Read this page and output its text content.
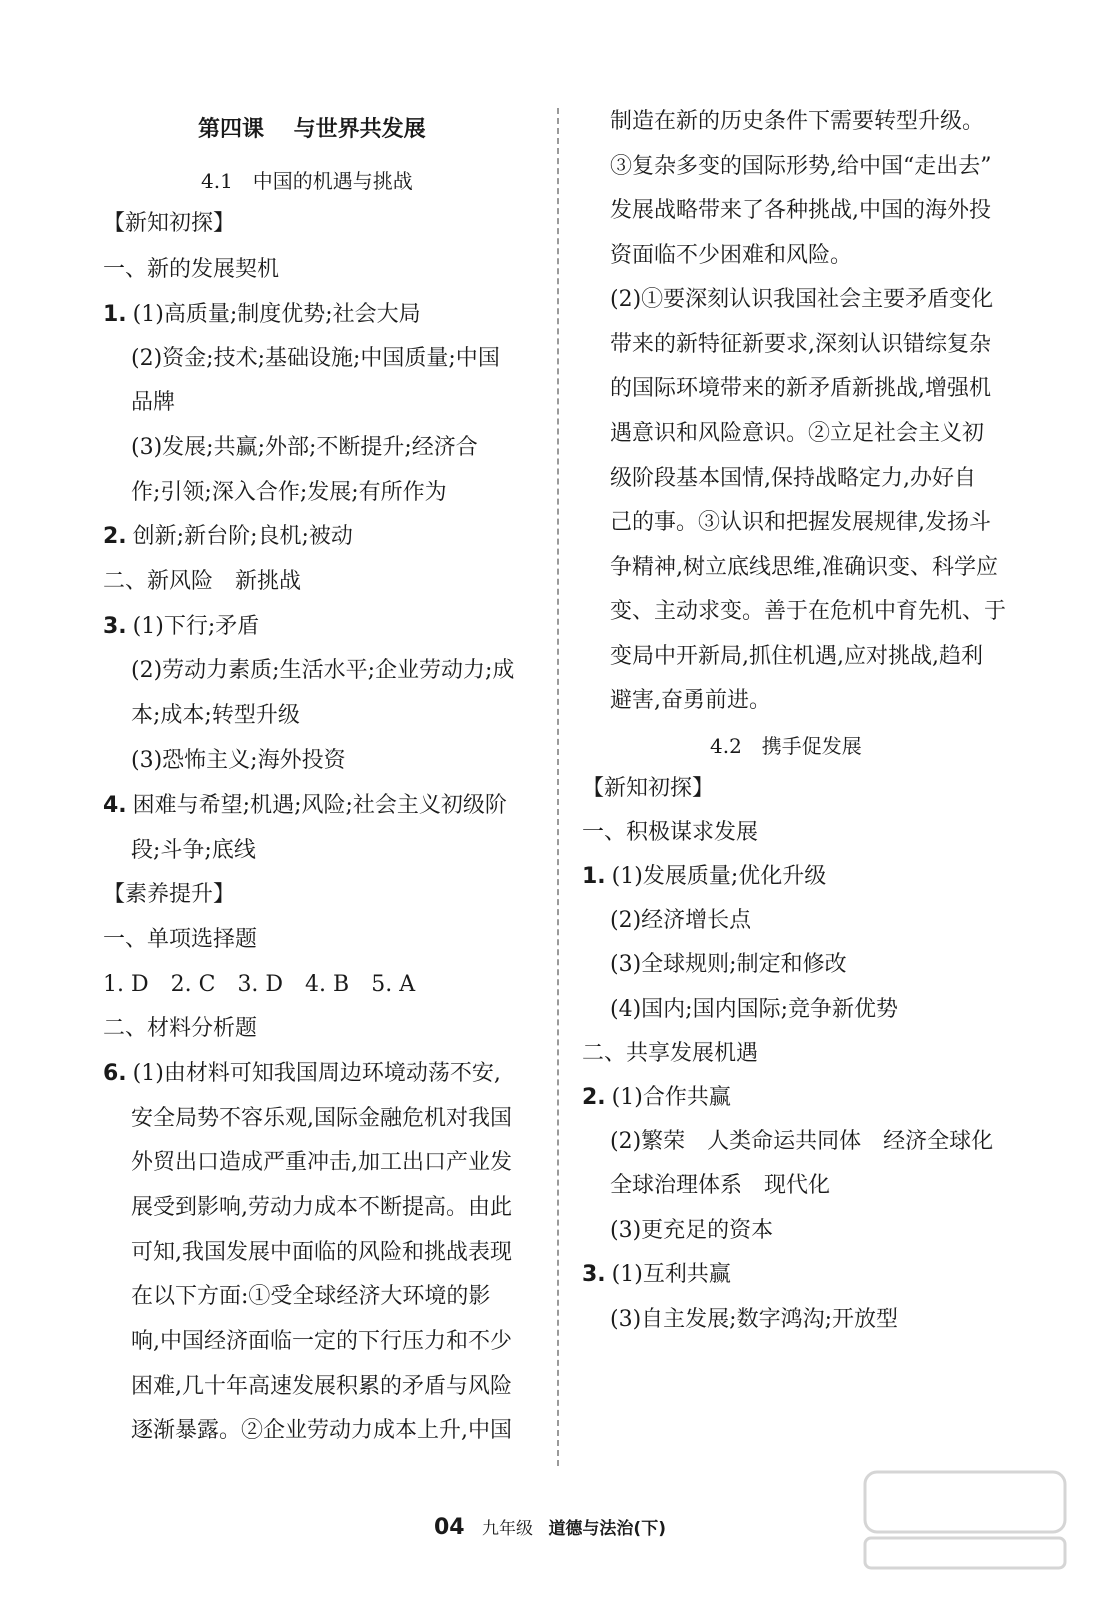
第四课　 与世界共发展
4.1　中国的机遇与挑战
【新知初探】
一、新的发展契机
1. (1)高质量;制度优势;社会大局
(2)资金;技术;基础设施;中国质量;中国
品牌
(3)发展;共赢;外部;不断提升;经济合
作;引领;深入合作;发展;有所作为
2. 创新;新台阶;良机;被动
二、新风险　新挑战
3. (1)下行;矛盾
(2)劳动力素质;生活水平;企业劳动力;成
本;成本;转型升级
(3)恐怖主义;海外投资
4. 困难与希望;机遇;风险;社会主义初级阶
段;斗争;底线
【素养提升】
一、单项选择题
1. D　2. C　3. D　4. B　5. A
二、材料分析题
6. (1)由材料可知我国周边环境动荡不安,
安全局势不容乐观,国际金融危机对我国
外贸出口造成严重冲击,加工出口产业发
展受到影响,劳动力成本不断提高。由此
可知,我国发展中面临的风险和挑战表现
在以下方面:①受全球经济大环境的影
响,中国经济面临一定的下行压力和不少
困难,几十年高速发展积累的矛盾与风险
逐渐暴露。②企业劳动力成本上升,中国
制造在新的历史条件下需要转型升级。
③复杂多变的国际形势,给中国“走出去”
发展战略带来了各种挑战,中国的海外投
资面临不少困难和风险。
(2)①要深刻认识我国社会主要矛盾变化
带来的新特征新要求,深刻认识错综复杂
的国际环境带来的新矛盾新挑战,增强机
遇意识和风险意识。②立足社会主义初
级阶段基本国情,保持战略定力,办好自
己的事。③认识和把握发展规律,发扬斗
争精神,树立底线思维,准确识变、科学应
变、主动求变。善于在危机中育先机、于
变局中开新局,抓住机遇,应对挑战,趋利
避害,奋勇前进。
4.2　携手促发展
【新知初探】
一、积极谋求发展
1. (1)发展质量;优化升级
(2)经济增长点
(3)全球规则;制定和修改
(4)国内;国内国际;竞争新优势
二、共享发展机遇
2. (1)合作共赢
(2)繁荣　人类命运共同体　经济全球化
全球治理体系　现代化
(3)更充足的资本
3. (1)互利共赢
(3)自主发展;数字鸿沟;开放型
04 九年级 道德与法治(下)
